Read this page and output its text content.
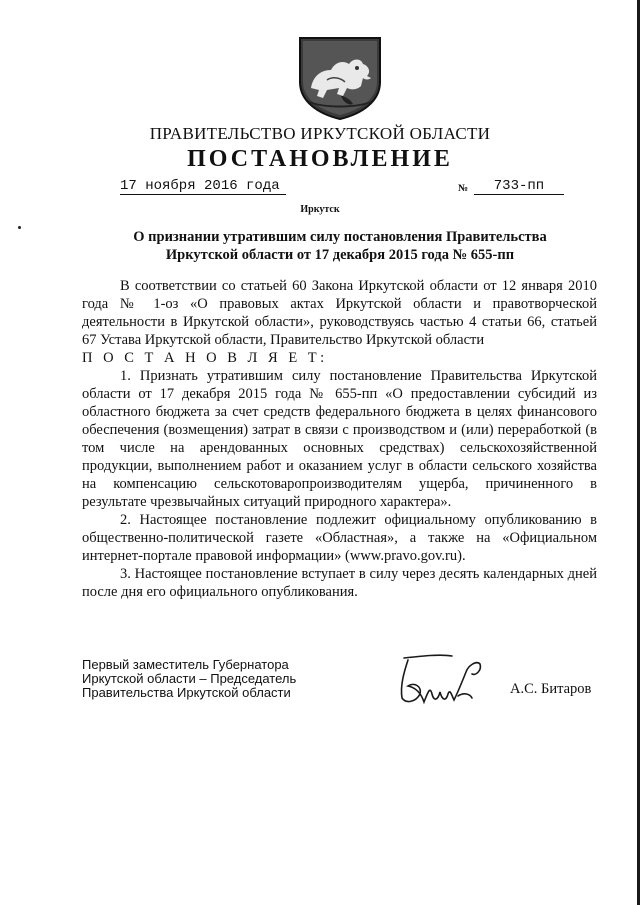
ПРАВИТЕЛЬСТВО ИРКУТСКОЙ ОБЛАСТИ
ПОСТАНОВЛЕНИЕ
17 ноября 2016 года	№	733-пп
Иркутск
О признании утратившим силу постановления Правительства
Иркутской области от 17 декабря 2015 года № 655-пп

В соответствии со статьей 60 Закона Иркутской области от 12 января 2010 года № 1-оз «О правовых актах Иркутской области и правотворческой деятельности в Иркутской области», руководствуясь частью 4 статьи 66, статьей 67 Устава Иркутской области, Правительство Иркутской области

П О С Т А Н О В Л Я Е Т:

1. Признать утратившим силу постановление Правительства Иркутской области от 17 декабря 2015 года № 655-пп «О предоставлении субсидий из областного бюджета за счет средств федерального бюджета в целях финансового обеспечения (возмещения) затрат в связи с производством и (или) переработкой (в том числе на арендованных основных средствах) сельскохозяйственной продукции, выполнением работ и оказанием услуг в области сельского хозяйства на компенсацию сельскотоваропроизводителям ущерба, причиненного в результате чрезвычайных ситуаций природного характера».

2. Настоящее постановление подлежит официальному опубликованию в общественно-политической газете «Областная», а также на «Официальном интернет-портале правовой информации» (www.pravo.gov.ru).

3. Настоящее постановление вступает в силу через десять календарных дней после дня его официального опубликования.

Первый заместитель Губернатора
Иркутской области – Председатель
Правительства Иркутской области	А.С. Битаров
